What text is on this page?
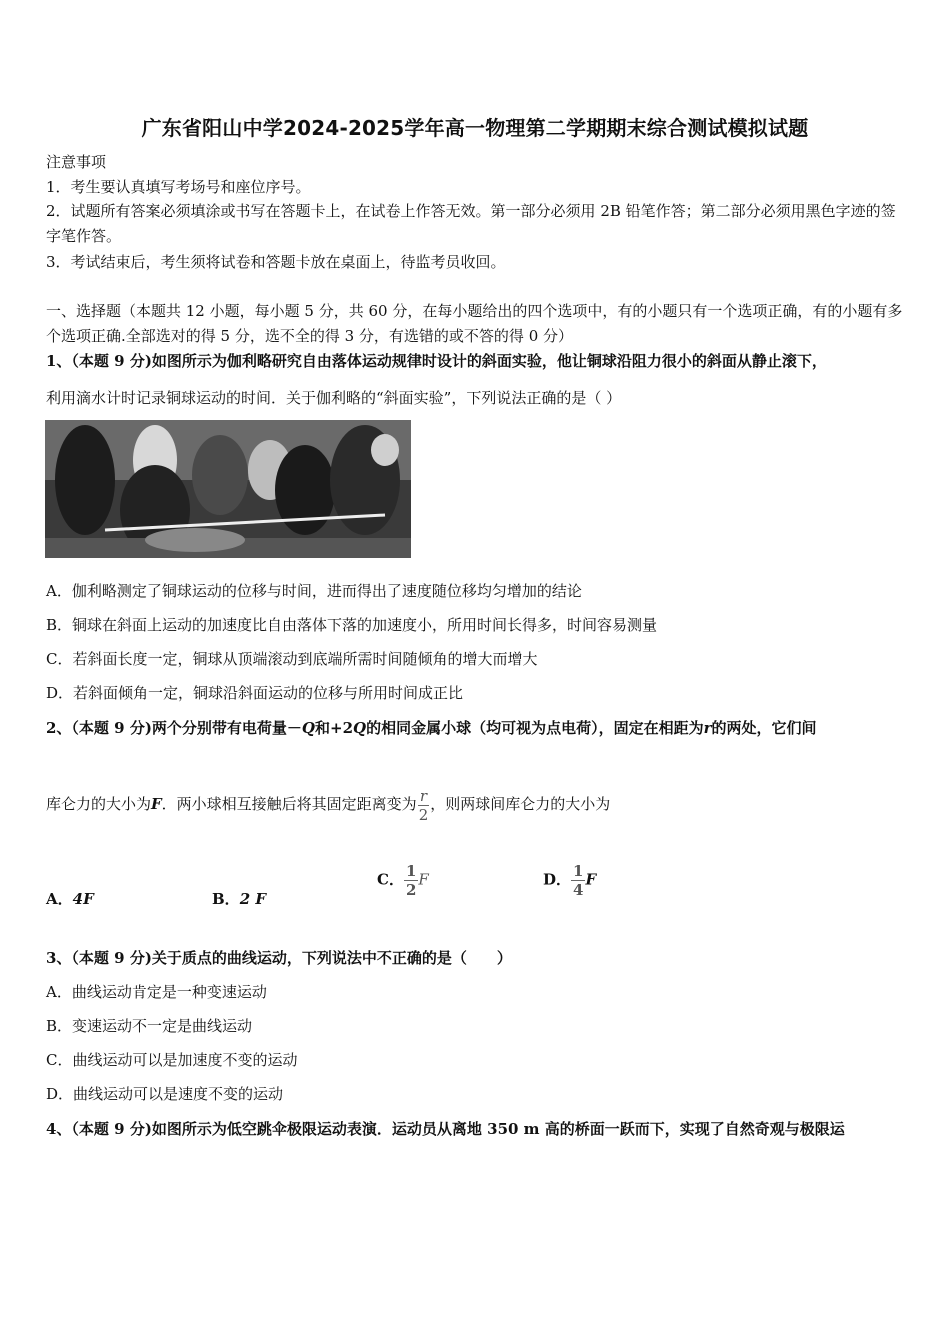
广东省阳山中学2024-2025学年高一物理第二学期期末综合测试模拟试题
注意事项
1．考生要认真填写考场号和座位序号。
2．试题所有答案必须填涂或书写在答题卡上，在试卷上作答无效。第一部分必须用 2B 铅笔作答；第二部分必须用黑色字迹的签字笔作答。
3．考试结束后，考生须将试卷和答题卡放在桌面上，待监考员收回。
一、选择题（本题共 12 小题，每小题 5 分，共 60 分，在每小题给出的四个选项中，有的小题只有一个选项正确，有的小题有多个选项正确.全部选对的得 5 分，选不全的得 3 分，有选错的或不答的得 0 分）
1、（本题 9 分)如图所示为伽利略研究自由落体运动规律时设计的斜面实验，他让铜球沿阻力很小的斜面从静止滚下，
利用滴水计时记录铜球运动的时间．关于伽利略的“斜面实验”，下列说法正确的是（ ）
A．伽利略测定了铜球运动的位移与时间，进而得出了速度随位移均匀增加的结论
B．铜球在斜面上运动的加速度比自由落体下落的加速度小，所用时间长得多，时间容易测量
C．若斜面长度一定，铜球从顶端滚动到底端所需时间随倾角的增大而增大
D．若斜面倾角一定，铜球沿斜面运动的位移与所用时间成正比
2、（本题 9 分)两个分别带有电荷量－Q和+2Q的相同金属小球（均可视为点电荷），固定在相距为r的两处，它们间
库仑力的大小为F．两小球相互接触后将其固定距离变为 $\frac{r}{2}$ ，则两球间库仑力的大小为
A．4F	B．2 F
C． $\frac{1}{2}$ F	D． $\frac{1}{4}$ F
3、（本题 9 分)关于质点的曲线运动，下列说法中不正确的是（　　）
A．曲线运动肯定是一种变速运动
B．变速运动不一定是曲线运动
C．曲线运动可以是加速度不变的运动
D．曲线运动可以是速度不变的运动
4、（本题 9 分)如图所示为低空跳伞极限运动表演．运动员从离地 350 m 高的桥面一跃而下，实现了自然奇观与极限运
